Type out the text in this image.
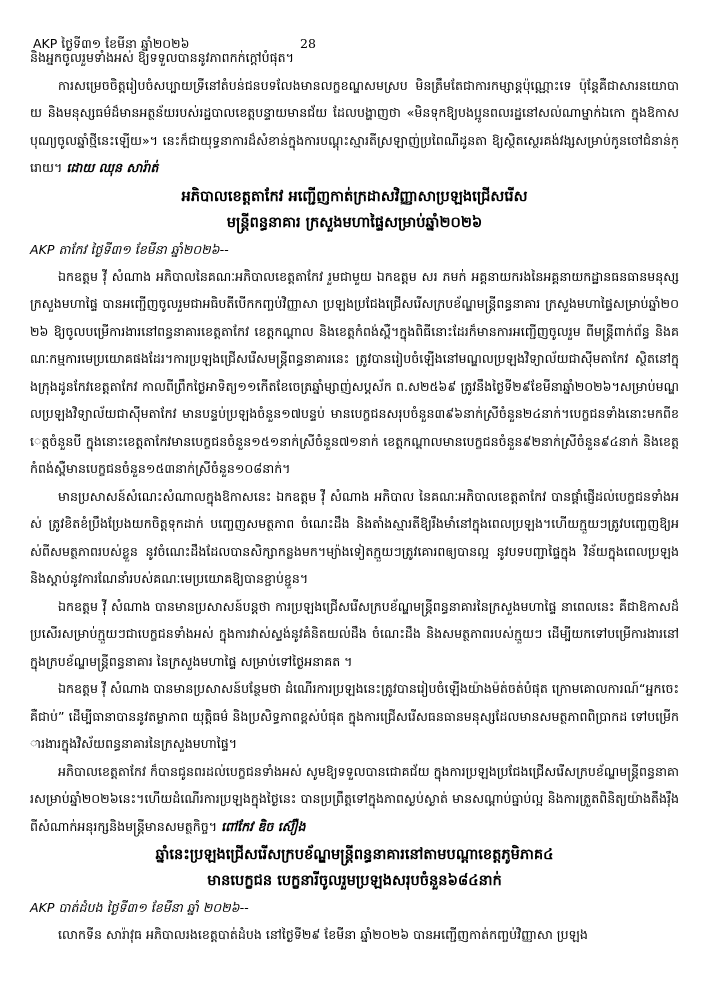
AKP ថ្ងៃទី៣១ ខែមីនា ឆ្នាំ២០២៦	28

និងអ្នកចូលរួមទាំងអស់ ឱ្យទទួលបាននូវភាពកក់ក្តៅបំផុត។

ការសម្រេចចិត្តរៀបចំសប្បាយទ្រីនៅតំបន់ជនបទលែងមានលក្ខខណ្ឌសមស្រប មិនត្រឹមតែជាការកម្សាន្តប៉ុណ្ណោះទេ ប៉ុន្តែគឺជាសារនយោបាយ និងមនុស្សធម៌ដ៏មានអត្ថន័យរបស់រដ្ឋបាលខេត្តបន្ទាយមានជ័យ ដែលបង្ហាញថា «មិនទុកឱ្យបងប្អូនពលរដ្ឋនៅសល់ណាម្នាក់ឯកោ ក្នុងឱកាសបុណ្យចូលឆ្នាំថ្មីនេះឡើយ»។ នេះក៏ជាយុទ្ធនាការដ៏សំខាន់ក្នុងការបណ្តុះស្មារតីស្រឡាញ់ប្រពៃណីដូនតា ឱ្យស្ថិតស្ថេរគង់វង្សសម្រាប់កូនចៅជំនាន់ក្រោយ។ ដោយ ឈុន សារ៉ាត់

អភិបាលខេត្តតាកែវ អញ្ជើញកាត់ក្រដាសវិញ្ញាសាប្រឡងជ្រើសរើស
មន្ត្រីពន្ធនាគារ ក្រសួងមហាផ្ទៃសម្រាប់ឆ្នាំ២០២៦
AKP តាកែវ ថ្ងៃទី៣១ ខែមីនា ឆ្នាំ២០២៦--

ឯកឧត្តម វ៉ី សំណាង អភិបាលនៃគណៈអភិបាលខេត្តតាកែវ រួមជាមួយ ឯកឧត្តម សរ ភមក់ អគ្គនាយករងនៃអគ្គនាយកដ្ឋានធនធានមនុស្សក្រសួងមហាផ្ទៃ បានអញ្ជើញចូលរួមជាអធិបតីបើកកញ្ចប់វិញ្ញាសា ប្រឡងប្រជែងជ្រើសរើសក្របខ័ណ្ឌមន្ត្រីពន្ធនាគារ ក្រសួងមហាផ្ទៃសម្រាប់ឆ្នាំ២០២៦ ឱ្យចូលបម្រើការងារនៅពន្ធនាគារខេត្តតាកែវ ខេត្តកណ្តាល និងខេត្តកំពង់ស្ពឺ។ក្នុងពិធីនោះដែរក៏មានការអញ្ជើញចូលរួម ពីមន្ត្រីពាក់ព័ន្ធ និងគណៈកម្មការមេប្រយោគផងដែរ។ការប្រឡងជ្រើសរើសមន្ត្រីពន្ធនាគារនេះ ត្រូវបានរៀបចំឡើងនៅមណ្ឌលប្រឡងវិទ្យាល័យជាស៊ីមតាកែវ ស្ថិតនៅក្នុងក្រុងដូនកែវខេត្តតាកែវ កាលពីព្រឹកថ្ងៃអាទិត្យ១១កើតខែចេត្រឆ្នាំម្សាញ់សប្តស័ក ព.ស២៥៦៩ ត្រូវនឹងថ្ងៃទី២៩ខែមីនាឆ្នាំ២០២៦។សម្រាប់មណ្ឌលប្រឡងវិទ្យាល័យជាស៊ីមតាកែវ មានបន្ទប់ប្រឡងចំនួន១៧បន្ទប់ មានបេក្ខជនសរុបចំនួន៣៩៦នាក់ស្រីចំនួន២៤នាក់។បេក្ខជនទាំងនោះមកពីខេត្តចំនួនបី ក្នុងនោះខេត្តតាកែវមានបេក្ខជនចំនួន១៥១នាក់ស្រីចំនួន៧១នាក់ ខេត្តកណ្តាលមានបេក្ខជនចំនួន៩២នាក់ស្រីចំនួន៩៤នាក់ និងខេត្តកំពង់ស្ពឺមានបេក្ខជនចំនួន១៥៣នាក់ស្រីចំនួន១០៨នាក់។

មានប្រសាសន៍សំណេះសំណាលក្នុងឱកាសនេះ ឯកឧត្តម វ៉ី សំណាង អភិបាល នៃគណៈអភិបាលខេត្តតាកែវ បានផ្តាំផ្ញើដល់បេក្ខជនទាំងអស់ ត្រូវខិតខំប្រឹងប្រែងយកចិត្តទុកដាក់ បញ្ចេញសមត្ថភាព ចំណេះដឹង និងតាំងស្មារតីឱ្យរឹងមាំនៅក្នុងពេលប្រឡង។ហើយក្មួយៗត្រូវបញ្ចេញឱ្យអស់ពីសមត្ថភាពរបស់ខ្លួន នូវចំណេះដឹងដែលបានសិក្សាកន្លងមក។ម្យ៉ាងទៀតក្មួយៗត្រូវគោរពឲ្យបានល្អ នូវបទបញ្ជាផ្ទៃក្នុង វិន័យក្នុងពេលប្រឡង និងស្តាប់នូវការណែនាំរបស់គណៈមេប្រយោគឱ្យបានខ្ជាប់ខ្ជួន។

ឯកឧត្តម វ៉ី សំណាង បានមានប្រសាសន៍បន្តថា ការប្រឡងជ្រើសរើសក្របខ័ណ្ឌមន្ត្រីពន្ធនាគារនៃក្រសួងមហាផ្ទៃ នាពេលនេះ គឺជាឱកាសដ៏ប្រសើរសម្រាប់ក្មួយៗជាបេក្ខជនទាំងអស់ ក្នុងការវាស់ស្ទង់នូវគំនិតយល់ដឹង ចំណេះដឹង និងសមត្ថភាពរបស់ក្មួយៗ ដើម្បីយកទៅបម្រើការងារនៅក្នុងក្របខ័ណ្ឌមន្ត្រីពន្ធនាគារ នៃក្រសួងមហាផ្ទៃ សម្រាប់ទៅថ្ងៃអនាគត ។

ឯកឧត្តម វ៉ី សំណាង បានមានប្រសាសន៍បន្ថែមថា ដំណើរការប្រឡងនេះត្រូវបានរៀបចំឡើងយ៉ាងម៉ត់ចត់បំផុត ក្រោមគោលការណ៍“អ្នកចេះគឺជាប់” ដើម្បីធានាបាននូវតម្លាភាព យុត្តិធម៌ និងប្រសិទ្ធភាពខ្ពស់បំផុត ក្នុងការជ្រើសរើសធនធានមនុស្សដែលមានសមត្ថភាពពិប្រាកដ ទៅបម្រើការងារក្នុងវិស័យពន្ធនាគារនៃក្រសួងមហាផ្ទៃ។

អភិបាលខេត្តតាកែវ ក៏បានជូនពរដល់បេក្ខជនទាំងអស់ សូមឱ្យទទួលបានជោគជ័យ ក្នុងការប្រឡងប្រជែងជ្រើសរើសក្របខ័ណ្ឌមន្ត្រីពន្ធនាគារសម្រាប់ឆ្នាំ២០២៦នេះ។ហើយដំណើរការប្រឡងក្នុងថ្ងៃនេះ បានប្រព្រឹត្តទៅក្នុងភាពស្ងប់ស្ងាត់ មានសណ្តាប់ធ្នាប់ល្អ និងការត្រួតពិនិត្យយ៉ាងតឹងរ៉ឹង ពីសំណាក់អនុរក្សនិងមន្ត្រីមានសមត្ថកិច្ច។ ពៅកែវ ឌិច ស៊ឿង

ឆ្នាំនេះប្រឡងជ្រើសរើសក្របខ័ណ្ឌមន្ត្រីពន្ធនាគារនៅតាមបណ្តាខេត្តភូមិភាគ៤
មានបេក្ខជន បេក្ខនារីចូលរួមប្រឡងសរុបចំនួន៦៨៤នាក់
AKP បាត់ដំបង ថ្ងៃទី៣១ ខែមីនា ឆ្នាំ ២០២៦--

លោកទីន សារ៉ាវុធ អភិបាលរងខេត្តបាត់ដំបង នៅថ្ងៃទី២៩ ខែមីនា ឆ្នាំ២០២៦ បានអញ្ជើញកាត់កញ្ចប់វិញ្ញាសា ប្រឡង
